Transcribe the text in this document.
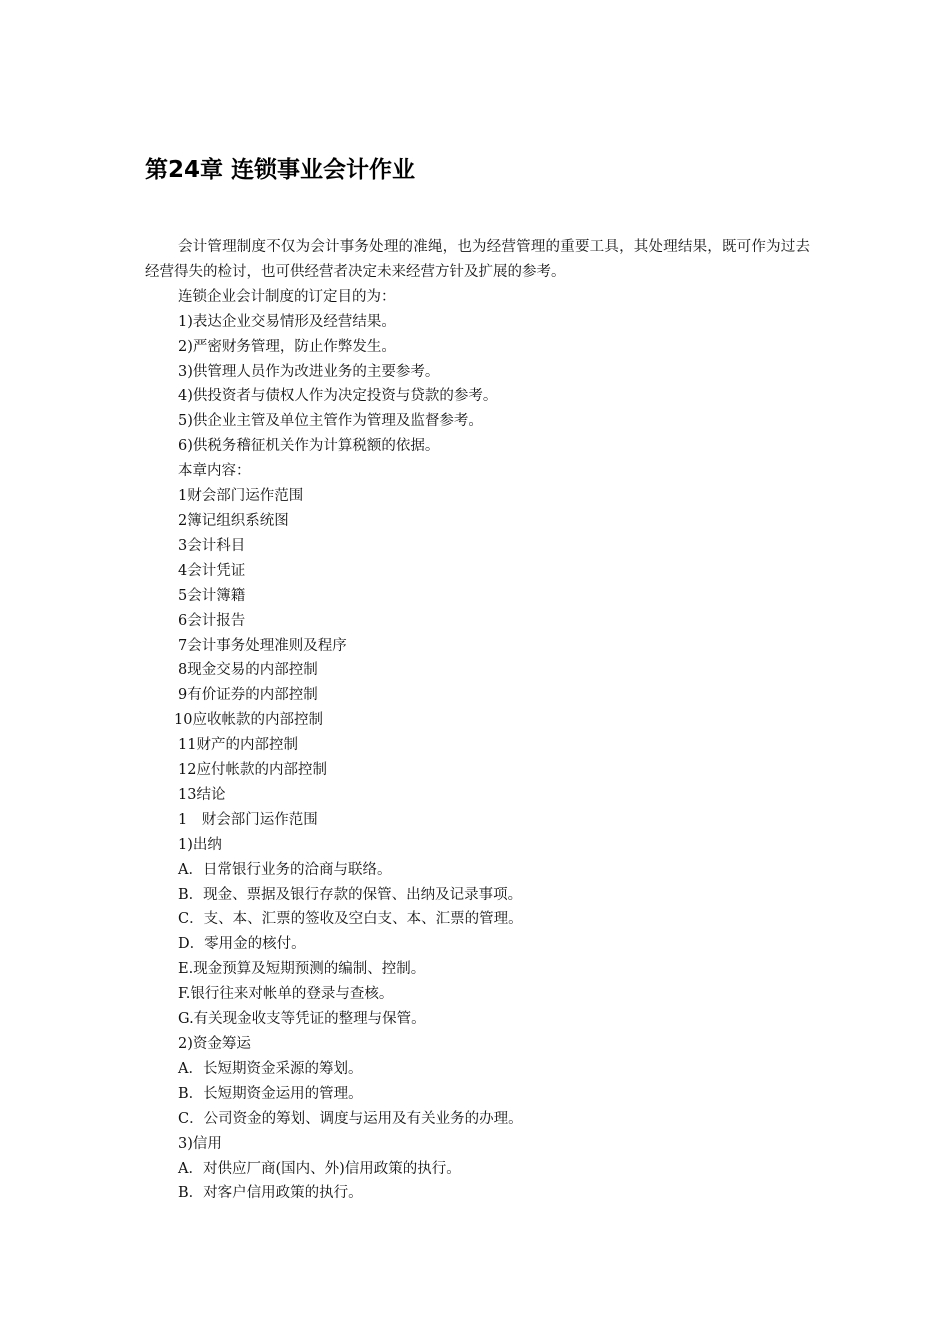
第24章 连锁事业会计作业

会计管理制度不仅为会计事务处理的准绳，也为经营管理的重要工具，其处理结果，既可作为过去经营得失的检讨，也可供经营者决定未来经营方针及扩展的参考。

连锁企业会计制度的订定目的为：

1)表达企业交易情形及经营结果。

2)严密财务管理，防止作弊发生。

3)供管理人员作为改进业务的主要参考。

4)供投资者与债权人作为决定投资与贷款的参考。

5)供企业主管及单位主管作为管理及监督参考。

6)供税务稽征机关作为计算税额的依据。

本章内容：

1财会部门运作范围

2簿记组织系统图

3会计科目

4会计凭证

5会计簿籍

6会计报告

7会计事务处理准则及程序

8现金交易的内部控制

9有价证券的内部控制

10应收帐款的内部控制

11财产的内部控制

12应付帐款的内部控制

13结论

1　财会部门运作范围

1)出纳

A．日常银行业务的洽商与联络。

B．现金、票据及银行存款的保管、出纳及记录事项。

C．支、本、汇票的签收及空白支、本、汇票的管理。

D．零用金的核付。

E.现金预算及短期预测的编制、控制。

F.银行往来对帐单的登录与查核。

G.有关现金收支等凭证的整理与保管。

2)资金筹运

A．长短期资金采源的筹划。

B．长短期资金运用的管理。

C．公司资金的筹划、调度与运用及有关业务的办理。

3)信用

A．对供应厂商(国内、外)信用政策的执行。

B．对客户信用政策的执行。
